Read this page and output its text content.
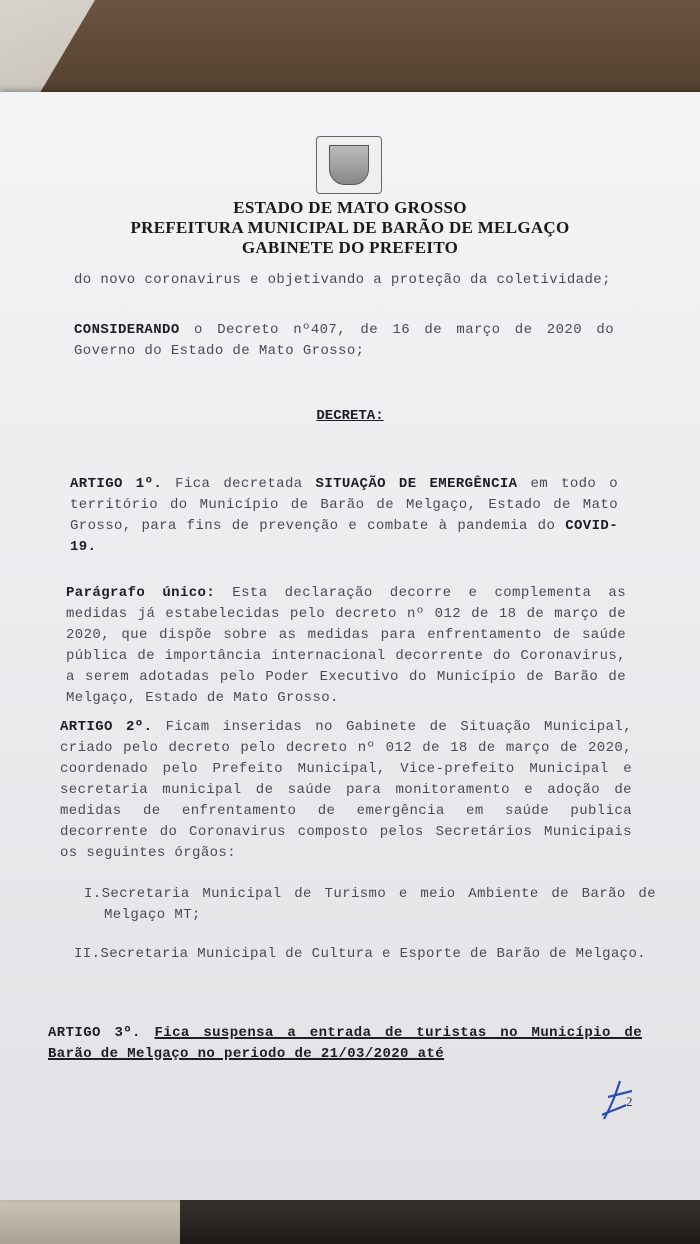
ESTADO DE MATO GROSSO
PREFEITURA MUNICIPAL DE BARÃO DE MELGAÇO
GABINETE DO PREFEITO
do novo coronavirus e objetivando a proteção da coletividade;
CONSIDERANDO o Decreto nº407, de 16 de março de 2020 do Governo do Estado de Mato Grosso;
DECRETA:
ARTIGO 1º. Fica decretada SITUAÇÃO DE EMERGÊNCIA em todo o território do Município de Barão de Melgaço, Estado de Mato Grosso, para fins de prevenção e combate à pandemia do COVID-19.
Parágrafo único: Esta declaração decorre e complementa as medidas já estabelecidas pelo decreto nº 012 de 18 de março de 2020, que dispõe sobre as medidas para enfrentamento de saúde pública de importância internacional decorrente do Coronavirus, a serem adotadas pelo Poder Executivo do Município de Barão de Melgaço, Estado de Mato Grosso.
ARTIGO 2º. Ficam inseridas no Gabinete de Situação Municipal, criado pelo decreto pelo decreto nº 012 de 18 de março de 2020, coordenado pelo Prefeito Municipal, Vice-prefeito Municipal e secretaria municipal de saúde para monitoramento e adoção de medidas de enfrentamento de emergência em saúde publica decorrente do Coronavirus composto pelos Secretários Municipais os seguintes órgãos:
I.Secretaria Municipal de Turismo e meio Ambiente de Barão de Melgaço MT;
II.Secretaria Municipal de Cultura e Esporte de Barão de Melgaço.
ARTIGO 3º. Fica suspensa a entrada de turistas no Município de Barão de Melgaço no periodo de 21/03/2020 até
2
